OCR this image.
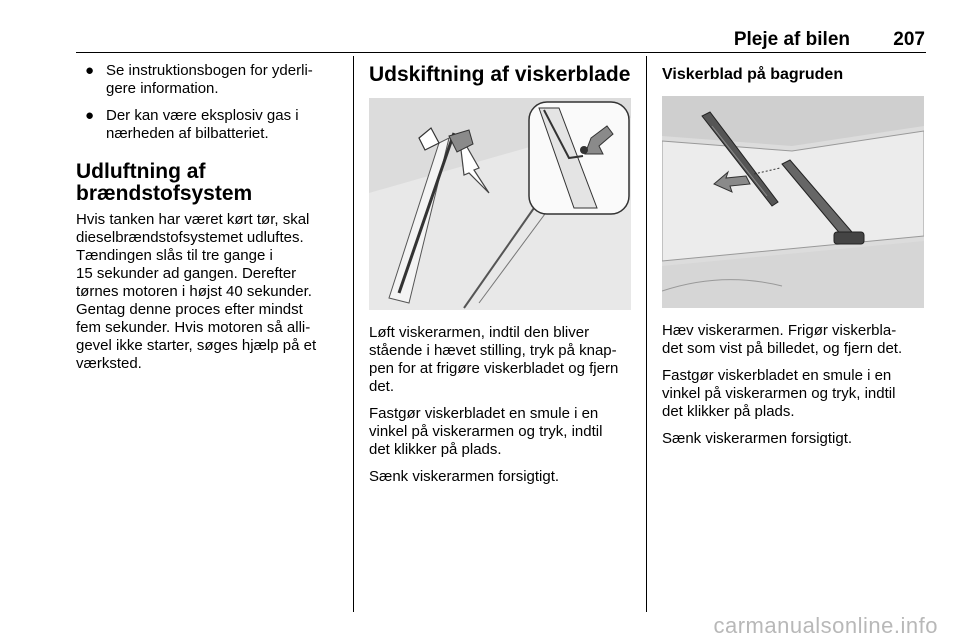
Pleje af bilen 207
● Se instruktionsbogen for yderli-
gere information.
● Der kan være eksplosiv gas i
nærheden af bilbatteriet.
Udluftning af
brændstofsystem

Hvis tanken har været kørt tør, skal
dieselbrændstofsystemet udluftes.
Tændingen slås til tre gange i
15 sekunder ad gangen. Derefter
tørnes motoren i højst 40 sekunder.
Gentag denne proces efter mindst
fem sekunder. Hvis motoren så alli-
gevel ikke starter, søges hjælp på et
værksted.

Udskiftning af viskerblade

Løft viskerarmen, indtil den bliver
stående i hævet stilling, tryk på knap-
pen for at frigøre viskerbladet og fjern
det.

Fastgør viskerbladet en smule i en
vinkel på viskerarmen og tryk, indtil
det klikker på plads.

Sænk viskerarmen forsigtigt.

Viskerblad på bagruden

Hæv viskerarmen. Frigør viskerbla-
det som vist på billedet, og fjern det.

Fastgør viskerbladet en smule i en
vinkel på viskerarmen og tryk, indtil
det klikker på plads.

Sænk viskerarmen forsigtigt.

carmanualsonline.info
